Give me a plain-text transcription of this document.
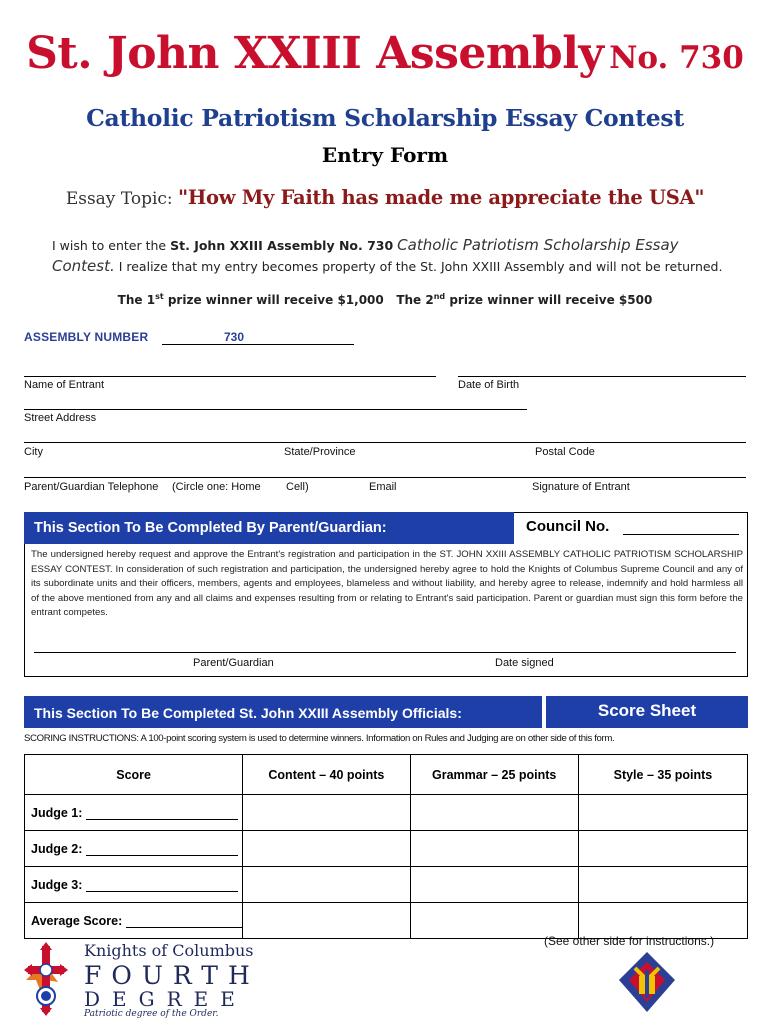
St. John XXIII Assembly No. 730
Catholic Patriotism Scholarship Essay Contest
Entry Form
Essay Topic: "How My Faith has made me appreciate the USA"
I wish to enter the St. John XXIII Assembly No. 730 Catholic Patriotism Scholarship Essay Contest. I realize that my entry becomes property of the St. John XXIII Assembly and will not be returned.
The 1st prize winner will receive $1,000 The 2nd prize winner will receive $500
ASSEMBLY NUMBER	730
Name of Entrant	Date of Birth
Street Address
City	State/Province	Postal Code
Parent/Guardian Telephone (Circle one: Home Cell)	Email	Signature of Entrant
This Section To Be Completed By Parent/Guardian:	Council No.
The undersigned hereby request and approve the Entrant's registration and participation in the ST. JOHN XXIII ASSEMBLY CATHOLIC PATRIOTISM SCHOLARSHIP ESSAY CONTEST. In consideration of such registration and participation, the undersigned hereby agree to hold the Knights of Columbus Supreme Council and any of its subordinate units and their officers, members, agents and employees, blameless and without liability, and hereby agree to release, indemnify and hold harmless all of the above mentioned from any and all claims and expenses resulting from or relating to Entrant's said participation. Parent or guardian must sign this form before the entrant competes.
Parent/Guardian	Date signed
This Section To Be Completed St. John XXIII Assembly Officials:	Score Sheet
SCORING INSTRUCTIONS: A 100-point scoring system is used to determine winners. Information on Rules and Judging are on other side of this form.
Score	Content – 40 points	Grammar – 25 points	Style – 35 points
Judge 1:			
Judge 2:			
Judge 3:			
Average Score:			
(See other side for instructions.)
Knights of Columbus
FOURTH
DEGREE
Patriotic degree of the Order.
